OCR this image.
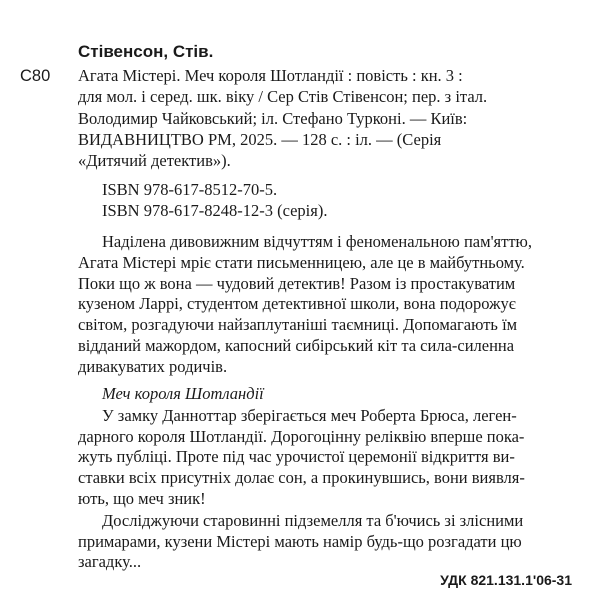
Стівенсон, Стів.
С80 Агата Містері. Меч короля Шотландії : повість : кн. 3 :
для мол. і серед. шк. віку / Сер Стів Стівенсон; пер. з італ.
Володимир Чайковський; іл. Стефано Турконі. — Київ:
ВИДАВНИЦТВО РМ, 2025. — 128 с. : іл. — (Серія
«Дитячий детектив»).
ISBN 978-617-8512-70-5.
ISBN 978-617-8248-12-3 (серія).
Наділена дивовижним відчуттям і феноменальною пам'яттю,
Агата Містері мріє стати письменницею, але це в майбутньому.
Поки що ж вона — чудовий детектив! Разом із простакуватим
кузеном Ларрі, студентом детективної школи, вона подорожує
світом, розгадуючи найзаплутаніші таємниці. Допомагають їм
відданий мажордом, капосний сибірський кіт та сила-силенна
дивакуватих родичів.
Меч короля Шотландії
У замку Данноттар зберігається меч Роберта Брюса, леген-
дарного короля Шотландії. Дорогоцінну реліквію вперше пока-
жуть публіці. Проте під час урочистої церемонії відкриття ви-
ставки всіх присутніх долає сон, а прокинувшись, вони виявля-
ють, що меч зник!
Досліджуючи старовинні підземелля та б'ючись зі злісними
примарами, кузени Містері мають намір будь-що розгадати цю
загадку...
УДК 821.131.1'06-31
